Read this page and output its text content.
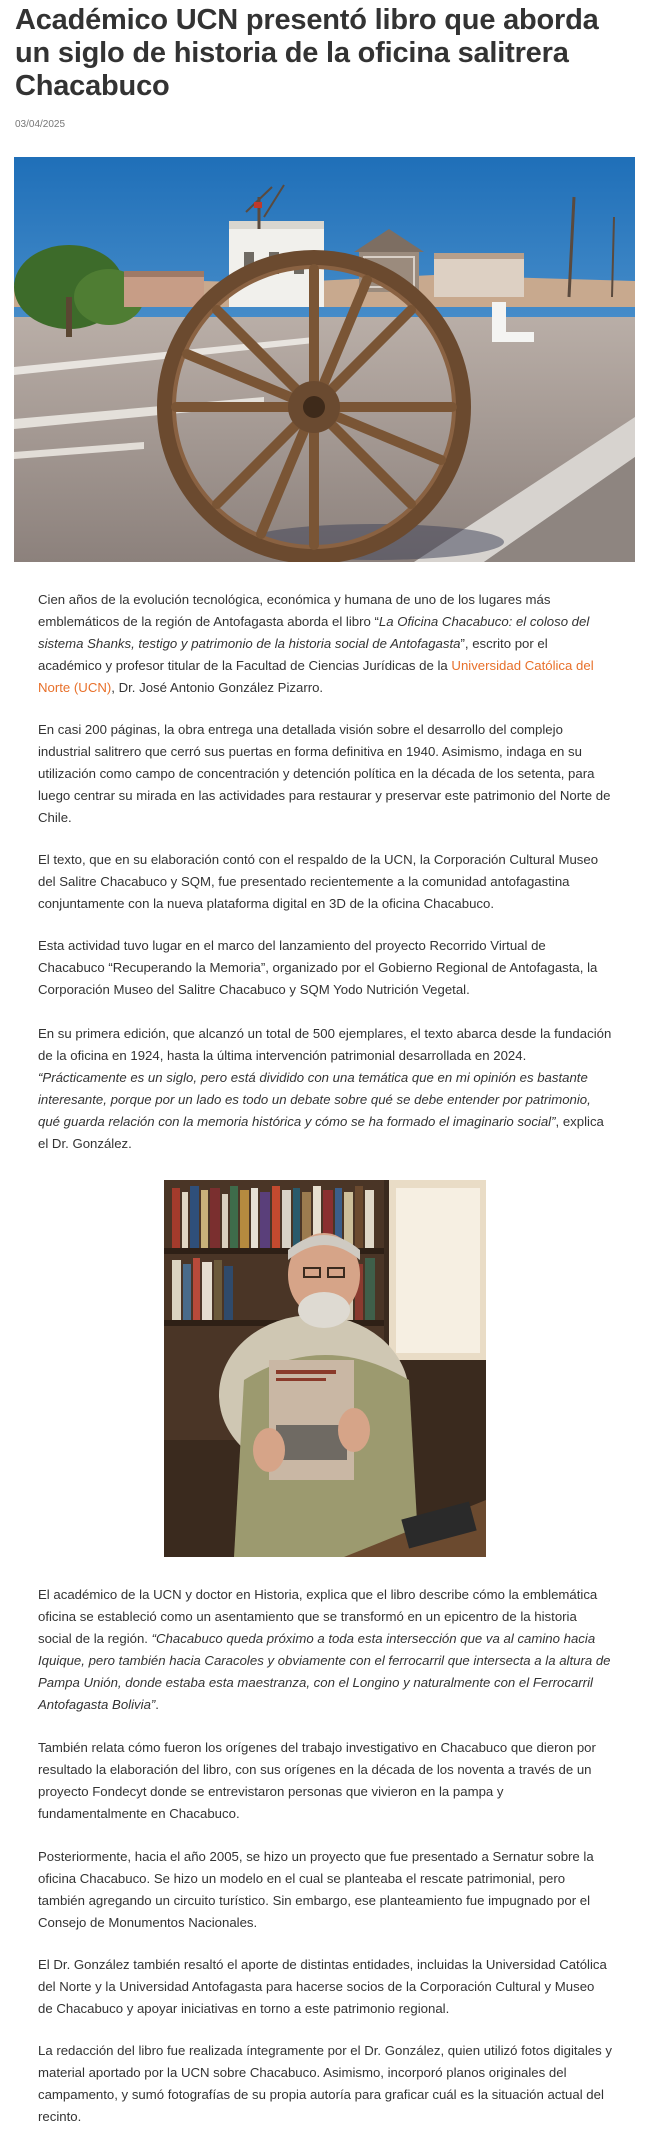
Académico UCN presentó libro que aborda un siglo de historia de la oficina salitrera Chacabuco
03/04/2025

Cien años de la evolución tecnológica, económica y humana de uno de los lugares más emblemáticos de la región de Antofagasta aborda el libro “La Oficina Chacabuco: el coloso del sistema Shanks, testigo y patrimonio de la historia social de Antofagasta”, escrito por el académico y profesor titular de la Facultad de Ciencias Jurídicas de la Universidad Católica del Norte (UCN), Dr. José Antonio González Pizarro.

En casi 200 páginas, la obra entrega una detallada visión sobre el desarrollo del complejo industrial salitrero que cerró sus puertas en forma definitiva en 1940. Asimismo, indaga en su utilización como campo de concentración y detención política en la década de los setenta, para luego centrar su mirada en las actividades para restaurar y preservar este patrimonio del Norte de Chile.

El texto, que en su elaboración contó con el respaldo de la UCN, la Corporación Cultural Museo del Salitre Chacabuco y SQM, fue presentado recientemente a la comunidad antofagastina conjuntamente con la nueva plataforma digital en 3D de la oficina Chacabuco.

Esta actividad tuvo lugar en el marco del lanzamiento del proyecto Recorrido Virtual de Chacabuco “Recuperando la Memoria”, organizado por el Gobierno Regional de Antofagasta, la Corporación Museo del Salitre Chacabuco y SQM Yodo Nutrición Vegetal.

En su primera edición, que alcanzó un total de 500 ejemplares, el texto abarca desde la fundación de la oficina en 1924, hasta la última intervención patrimonial desarrollada en 2024. “Prácticamente es un siglo, pero está dividido con una temática que en mi opinión es bastante interesante, porque por un lado es todo un debate sobre qué se debe entender por patrimonio, qué guarda relación con la memoria histórica y cómo se ha formado el imaginario social”, explica el Dr. González.

El académico de la UCN y doctor en Historia, explica que el libro describe cómo la emblemática oficina se estableció como un asentamiento que se transformó en un epicentro de la historia social de la región. “Chacabuco queda próximo a toda esta intersección que va al camino hacia Iquique, pero también hacia Caracoles y obviamente con el ferrocarril que intersecta a la altura de Pampa Unión, donde estaba esta maestranza, con el Longino y naturalmente con el Ferrocarril Antofagasta Bolivia”.

También relata cómo fueron los orígenes del trabajo investigativo en Chacabuco que dieron por resultado la elaboración del libro, con sus orígenes en la década de los noventa a través de un proyecto Fondecyt donde se entrevistaron personas que vivieron en la pampa y fundamentalmente en Chacabuco.

Posteriormente, hacia el año 2005, se hizo un proyecto que fue presentado a Sernatur sobre la oficina Chacabuco. Se hizo un modelo en el cual se planteaba el rescate patrimonial, pero también agregando un circuito turístico. Sin embargo, ese planteamiento fue impugnado por el Consejo de Monumentos Nacionales.

El Dr. González también resaltó el aporte de distintas entidades, incluidas la Universidad Católica del Norte y la Universidad Antofagasta para hacerse socios de la Corporación Cultural y Museo de Chacabuco y apoyar iniciativas en torno a este patrimonio regional.

La redacción del libro fue realizada íntegramente por el Dr. González, quien utilizó fotos digitales y material aportado por la UCN sobre Chacabuco. Asimismo, incorporó planos originales del campamento, y sumó fotografías de su propia autoría para graficar cuál es la situación actual del recinto.
